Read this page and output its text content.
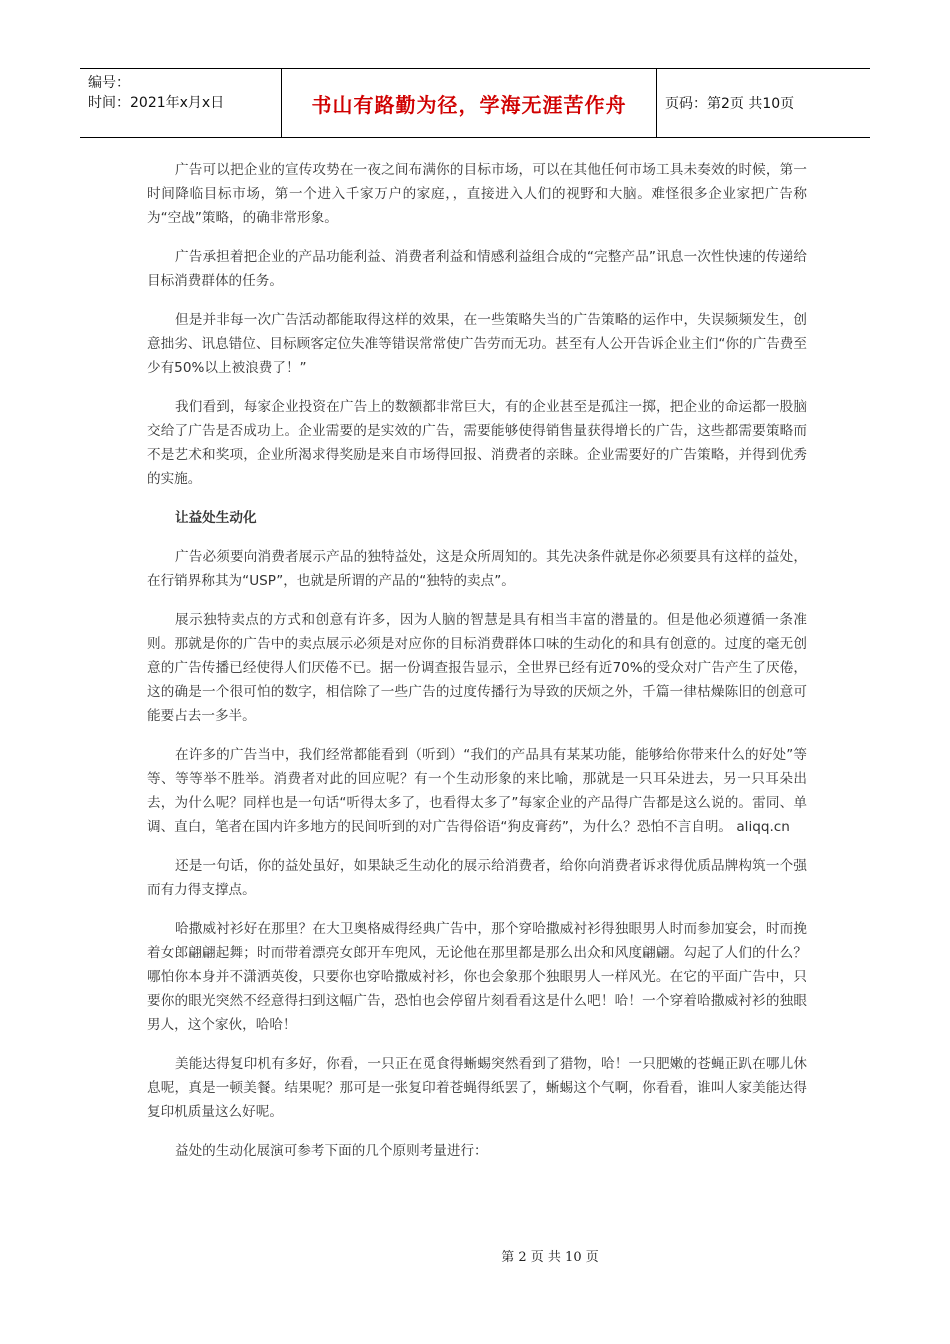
编号：
时间：2021年x月x日	书山有路勤为径，学海无涯苦作舟	页码：第2页 共10页

广告可以把企业的宣传攻势在一夜之间布满你的目标市场，可以在其他任何市场工具未奏效的时候，第一时间降临目标市场，第一个进入千家万户的家庭，，直接进入人们的视野和大脑。难怪很多企业家把广告称为“空战”策略，的确非常形象。

广告承担着把企业的产品功能利益、消费者利益和情感利益组合成的“完整产品”讯息一次性快速的传递给目标消费群体的任务。

但是并非每一次广告活动都能取得这样的效果，在一些策略失当的广告策略的运作中，失误频频发生，创意拙劣、讯息错位、目标顾客定位失准等错误常常使广告劳而无功。甚至有人公开告诉企业主们“你的广告费至少有50%以上被浪费了！”

我们看到，每家企业投资在广告上的数额都非常巨大，有的企业甚至是孤注一掷，把企业的命运都一股脑交给了广告是否成功上。企业需要的是实效的广告，需要能够使得销售量获得增长的广告，这些都需要策略而不是艺术和奖项，企业所渴求得奖励是来自市场得回报、消费者的亲睐。企业需要好的广告策略，并得到优秀的实施。

让益处生动化

广告必须要向消费者展示产品的独特益处，这是众所周知的。其先决条件就是你必须要具有这样的益处，在行销界称其为“USP”，也就是所谓的产品的“独特的卖点”。

展示独特卖点的方式和创意有许多，因为人脑的智慧是具有相当丰富的潜量的。但是他必须遵循一条准则。那就是你的广告中的卖点展示必须是对应你的目标消费群体口味的生动化的和具有创意的。过度的毫无创意的广告传播已经使得人们厌倦不已。据一份调查报告显示，全世界已经有近70%的受众对广告产生了厌倦，这的确是一个很可怕的数字，相信除了一些广告的过度传播行为导致的厌烦之外，千篇一律枯燥陈旧的创意可能要占去一多半。

在许多的广告当中，我们经常都能看到（听到）“我们的产品具有某某功能，能够给你带来什么的好处”等等、等等举不胜举。消费者对此的回应呢？有一个生动形象的来比喻，那就是一只耳朵进去，另一只耳朵出去，为什么呢？同样也是一句话“听得太多了，也看得太多了”每家企业的产品得广告都是这么说的。雷同、单调、直白，笔者在国内许多地方的民间听到的对广告得俗语“狗皮膏药”，为什么？恐怕不言自明。 aliqq.cn

还是一句话，你的益处虽好，如果缺乏生动化的展示给消费者，给你向消费者诉求得优质品牌构筑一个强而有力得支撑点。

哈撒威衬衫好在那里？在大卫奥格威得经典广告中，那个穿哈撒威衬衫得独眼男人时而参加宴会，时而挽着女郎翩翩起舞；时而带着漂亮女郎开车兜风，无论他在那里都是那么出众和风度翩翩。勾起了人们的什么？哪怕你本身并不潇洒英俊，只要你也穿哈撒威衬衫，你也会象那个独眼男人一样风光。在它的平面广告中，只要你的眼光突然不经意得扫到这幅广告，恐怕也会停留片刻看看这是什么吧！哈！一个穿着哈撒威衬衫的独眼男人，这个家伙，哈哈！

美能达得复印机有多好，你看，一只正在觅食得蜥蜴突然看到了猎物，哈！一只肥嫩的苍蝇正趴在哪儿休息呢，真是一顿美餐。结果呢？那可是一张复印着苍蝇得纸罢了，蜥蜴这个气啊，你看看，谁叫人家美能达得复印机质量这么好呢。

益处的生动化展演可参考下面的几个原则考量进行：

第 2 页 共 10 页
